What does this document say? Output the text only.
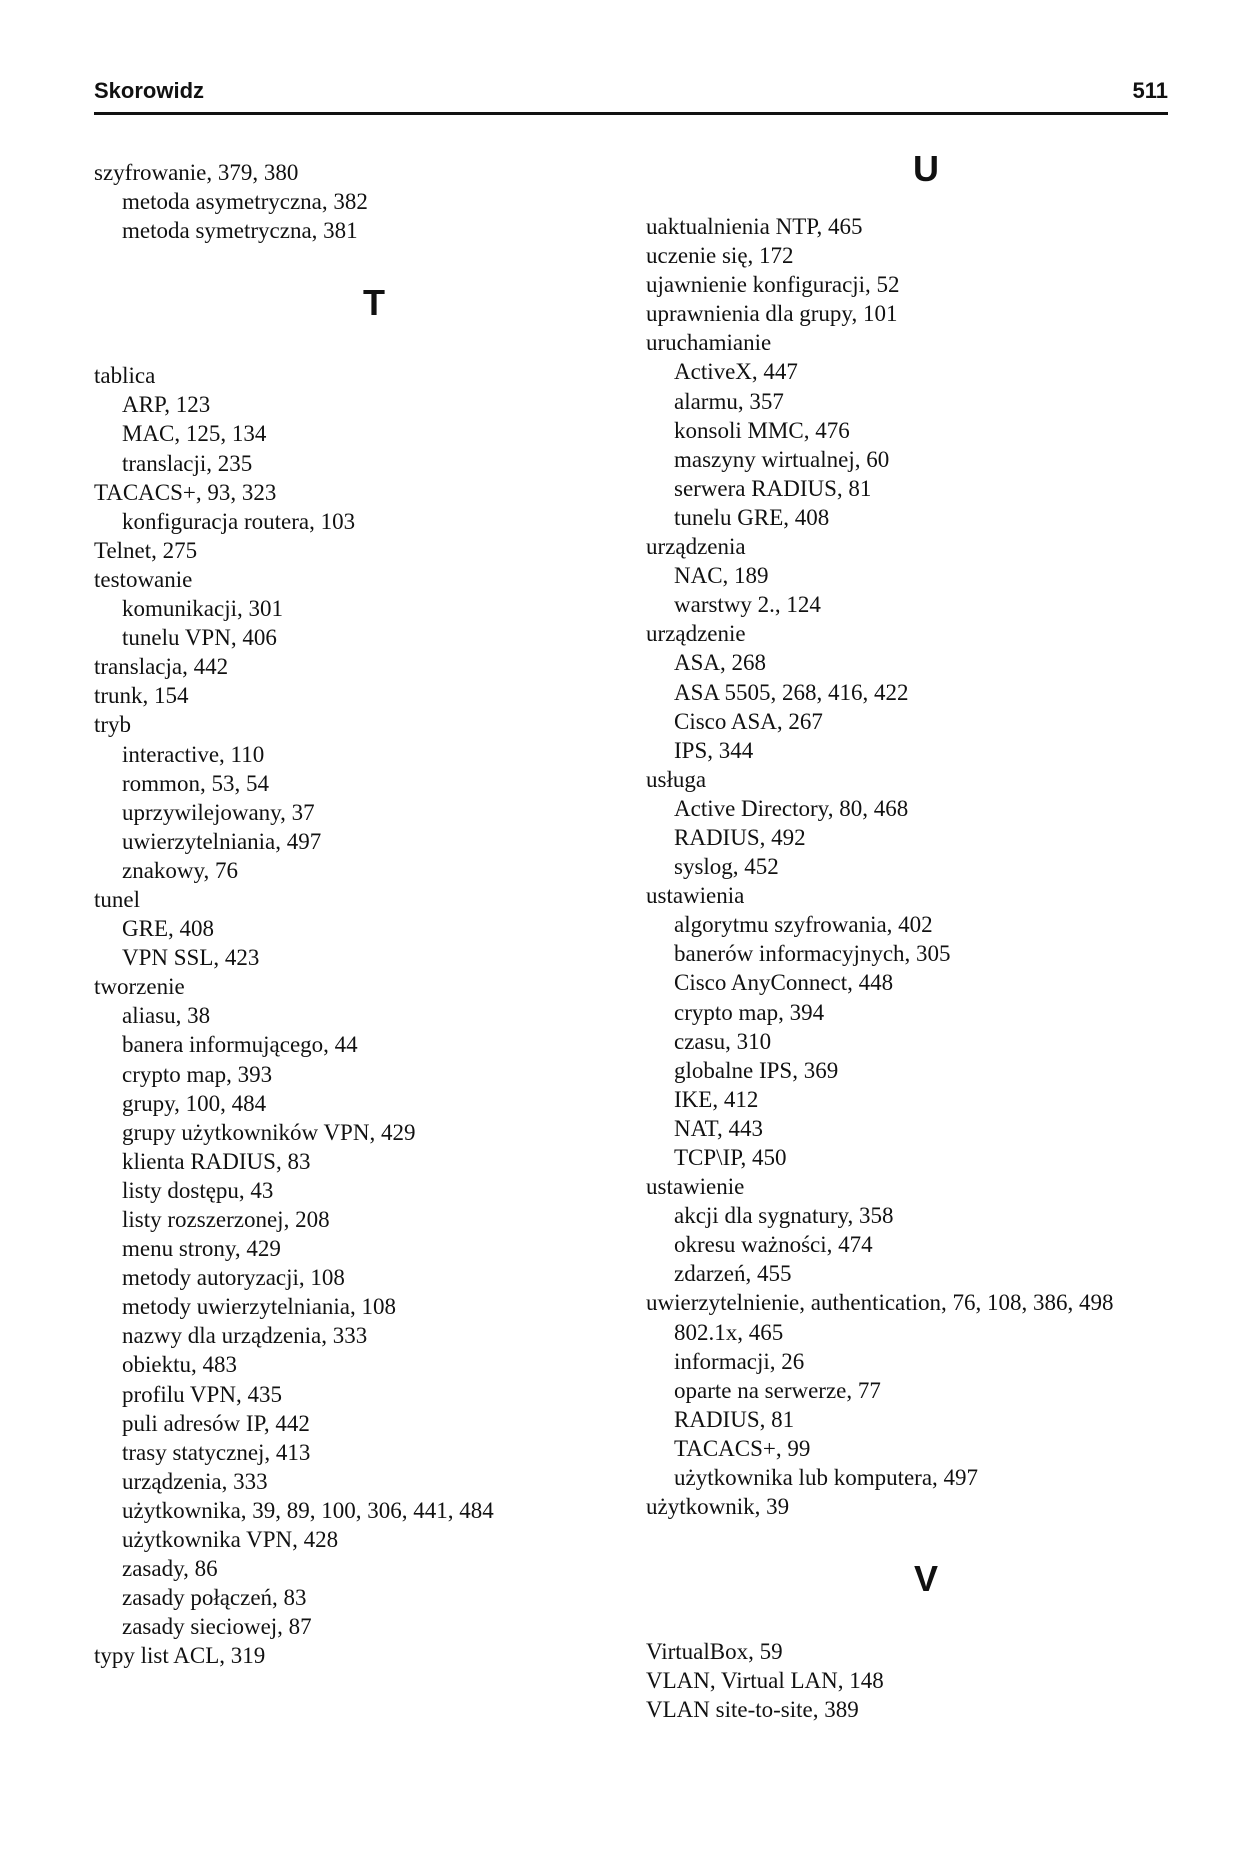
Skorowidz	511
szyfrowanie, 379, 380
metoda asymetryczna, 382
metoda symetryczna, 381
T
tablica
ARP, 123
MAC, 125, 134
translacji, 235
TACACS+, 93, 323
konfiguracja routera, 103
Telnet, 275
testowanie
komunikacji, 301
tunelu VPN, 406
translacja, 442
trunk, 154
tryb
interactive, 110
rommon, 53, 54
uprzywilejowany, 37
uwierzytelniania, 497
znakowy, 76
tunel
GRE, 408
VPN SSL, 423
tworzenie
aliasu, 38
banera informującego, 44
crypto map, 393
grupy, 100, 484
grupy użytkowników VPN, 429
klienta RADIUS, 83
listy dostępu, 43
listy rozszerzonej, 208
menu strony, 429
metody autoryzacji, 108
metody uwierzytelniania, 108
nazwy dla urządzenia, 333
obiektu, 483
profilu VPN, 435
puli adresów IP, 442
trasy statycznej, 413
urządzenia, 333
użytkownika, 39, 89, 100, 306, 441, 484
użytkownika VPN, 428
zasady, 86
zasady połączeń, 83
zasady sieciowej, 87
typy list ACL, 319
U
uaktualnienia NTP, 465
uczenie się, 172
ujawnienie konfiguracji, 52
uprawnienia dla grupy, 101
uruchamianie
ActiveX, 447
alarmu, 357
konsoli MMC, 476
maszyny wirtualnej, 60
serwera RADIUS, 81
tunelu GRE, 408
urządzenia
NAC, 189
warstwy 2., 124
urządzenie
ASA, 268
ASA 5505, 268, 416, 422
Cisco ASA, 267
IPS, 344
usługa
Active Directory, 80, 468
RADIUS, 492
syslog, 452
ustawienia
algorytmu szyfrowania, 402
banerów informacyjnych, 305
Cisco AnyConnect, 448
crypto map, 394
czasu, 310
globalne IPS, 369
IKE, 412
NAT, 443
TCP\IP, 450
ustawienie
akcji dla sygnatury, 358
okresu ważności, 474
zdarzeń, 455
uwierzytelnienie, authentication, 76, 108, 386, 498
802.1x, 465
informacji, 26
oparte na serwerze, 77
RADIUS, 81
TACACS+, 99
użytkownika lub komputera, 497
użytkownik, 39
V
VirtualBox, 59
VLAN, Virtual LAN, 148
VLAN site-to-site, 389
